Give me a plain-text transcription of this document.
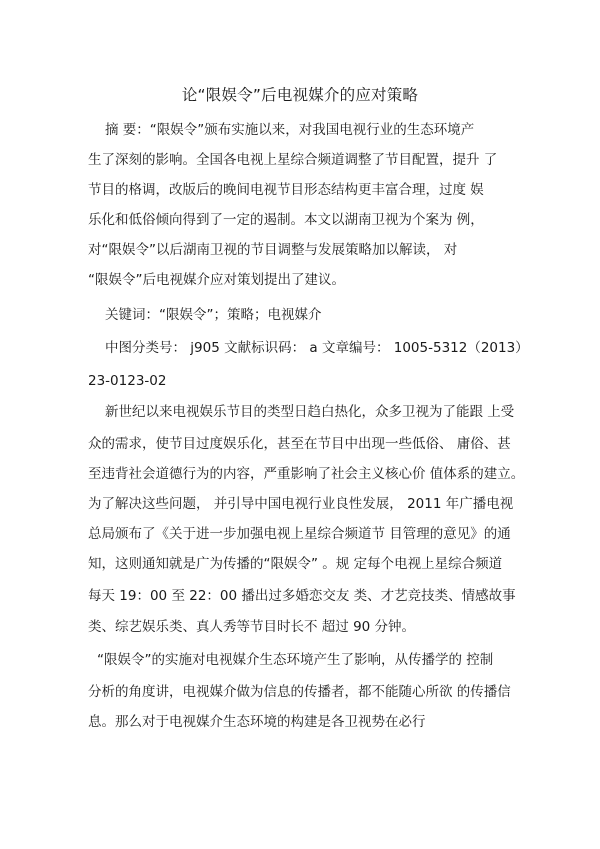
论“限娱令”后电视媒介的应对策略
摘 要：“限娱令”颁布实施以来，对我国电视行业的生态环境产
生了深刻的影响。全国各电视上星综合频道调整了节目配置，提升 了
节目的格调，改版后的晚间电视节目形态结构更丰富合理，过度 娱
乐化和低俗倾向得到了一定的遏制。本文以湖南卫视为个案为 例，
对“限娱令”以后湖南卫视的节目调整与发展策略加以解读， 对
“限娱令”后电视媒介应对策划提出了建议。
关键词：“限娱令”；策略；电视媒介
中图分类号： j905 文献标识码： a 文章编号： 1005-5312（2013）
23-0123-02
新世纪以来电视娱乐节目的类型日趋白热化，众多卫视为了能跟 上受
众的需求，使节目过度娱乐化，甚至在节目中出现一些低俗、 庸俗、甚
至违背社会道德行为的内容，严重影响了社会主义核心价 值体系的建立。
为了解决这些问题， 并引导中国电视行业良性发展， 2011 年广播电视
总局颁布了《关于进一步加强电视上星综合频道节 目管理的意见》的通
知，这则通知就是广为传播的“限娱令” 。规 定每个电视上星综合频道
每天 19：00 至 22：00 播出过多婚恋交友 类、才艺竞技类、情感故事
类、综艺娱乐类、真人秀等节目时长不 超过 90 分钟。
“限娱令”的实施对电视媒介生态环境产生了影响，从传播学的 控制
分析的角度讲，电视媒介做为信息的传播者，都不能随心所欲 的传播信
息。那么对于电视媒介生态环境的构建是各卫视势在必行
